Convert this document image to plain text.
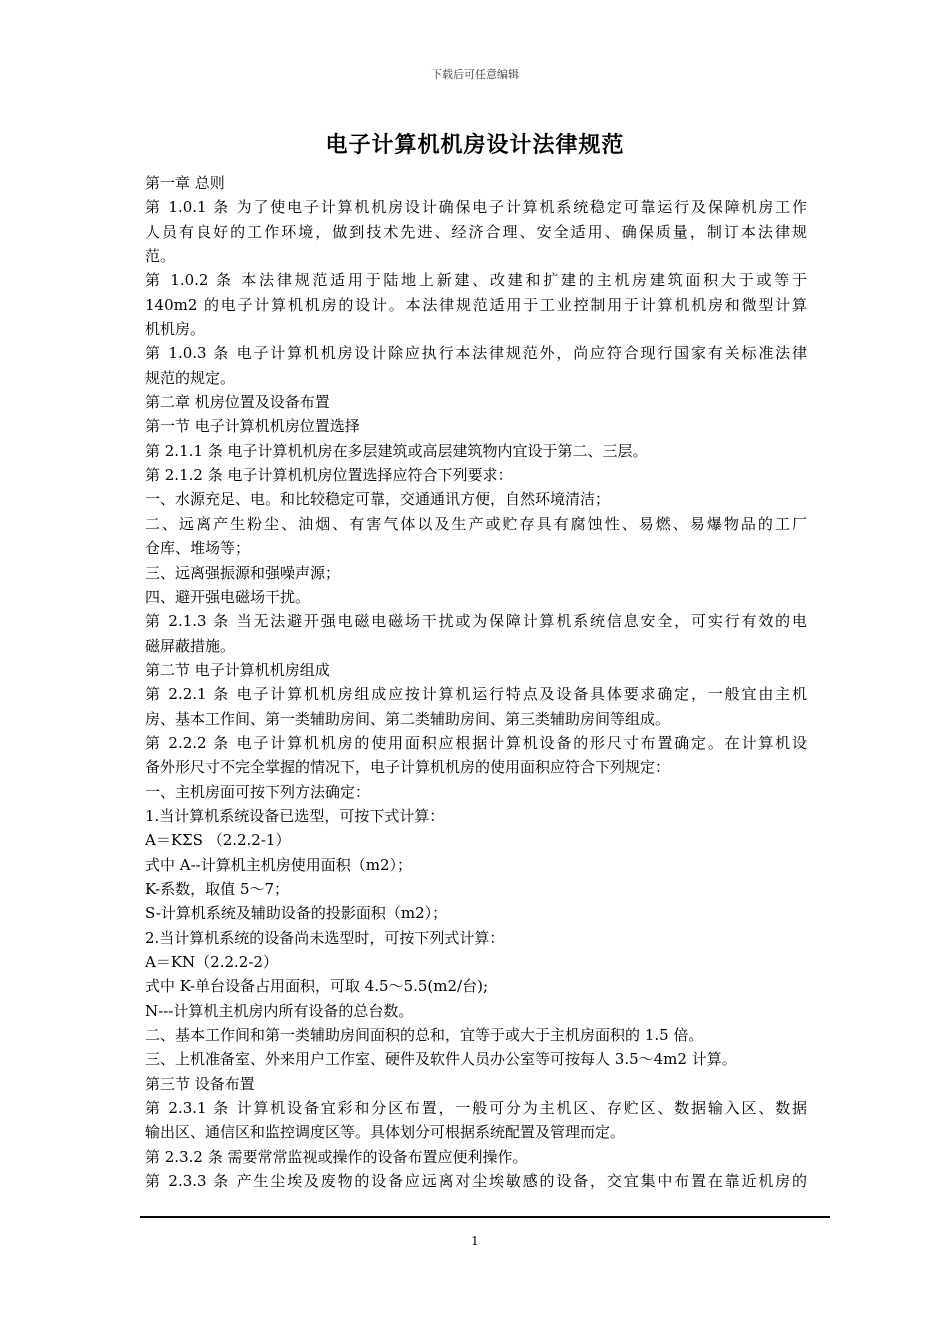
下载后可任意编辑
电子计算机机房设计法律规范
第一章 总则
第 1.0.1 条 为了使电子计算机机房设计确保电子计算机系统稳定可靠运行及保障机房工作
人员有良好的工作环境，做到技术先进、经济合理、安全适用、确保质量，制订本法律规
范。
第 1.0.2 条 本法律规范适用于陆地上新建、改建和扩建的主机房建筑面积大于或等于
140m2 的电子计算机机房的设计。本法律规范适用于工业控制用于计算机机房和微型计算
机机房。
第 1.0.3 条 电子计算机机房设计除应执行本法律规范外，尚应符合现行国家有关标准法律
规范的规定。
第二章 机房位置及设备布置
第一节 电子计算机机房位置选择
第 2.1.1 条 电子计算机机房在多层建筑或高层建筑物内宜设于第二、三层。
第 2.1.2 条 电子计算机机房位置选择应符合下列要求：
一、水源充足、电。和比较稳定可靠，交通通讯方便，自然环境清洁；
二、远离产生粉尘、油烟、有害气体以及生产或贮存具有腐蚀性、易燃、易爆物品的工厂
仓库、堆场等；
三、远离强振源和强噪声源；
四、避开强电磁场干扰。
第 2.1.3 条 当无法避开强电磁电磁场干扰或为保障计算机系统信息安全，可实行有效的电
磁屏蔽措施。
第二节 电子计算机机房组成
第 2.2.1 条 电子计算机机房组成应按计算机运行特点及设备具体要求确定，一般宜由主机
房、基本工作间、第一类辅助房间、第二类辅助房间、第三类辅助房间等组成。
第 2.2.2 条 电子计算机机房的使用面积应根据计算机设备的形尺寸布置确定。在计算机设
备外形尺寸不完全掌握的情况下，电子计算机机房的使用面积应符合下列规定：
一、主机房面可按下列方法确定：
1.当计算机系统设备已选型，可按下式计算：
A＝KΣS （2.2.2-1）
式中 A--计算机主机房使用面积（m2）；
K-系数，取值 5～7；
S-计算机系统及辅助设备的投影面积（m2）；
2.当计算机系统的设备尚未选型时，可按下列式计算：
A＝KN（2.2.2-2）
式中 K-单台设备占用面积，可取 4.5～5.5(m2/台);
N---计算机主机房内所有设备的总台数。
二、基本工作间和第一类辅助房间面积的总和，宜等于或大于主机房面积的 1.5 倍。
三、上机准备室、外来用户工作室、硬件及软件人员办公室等可按每人 3.5～4m2 计算。
第三节 设备布置
第 2.3.1 条 计算机设备宜彩和分区布置，一般可分为主机区、存贮区、数据输入区、数据
输出区、通信区和监控调度区等。具体划分可根据系统配置及管理而定。
第 2.3.2 条 需要常常监视或操作的设备布置应便利操作。
第 2.3.3 条 产生尘埃及废物的设备应远离对尘埃敏感的设备，交宜集中布置在靠近机房的
1
